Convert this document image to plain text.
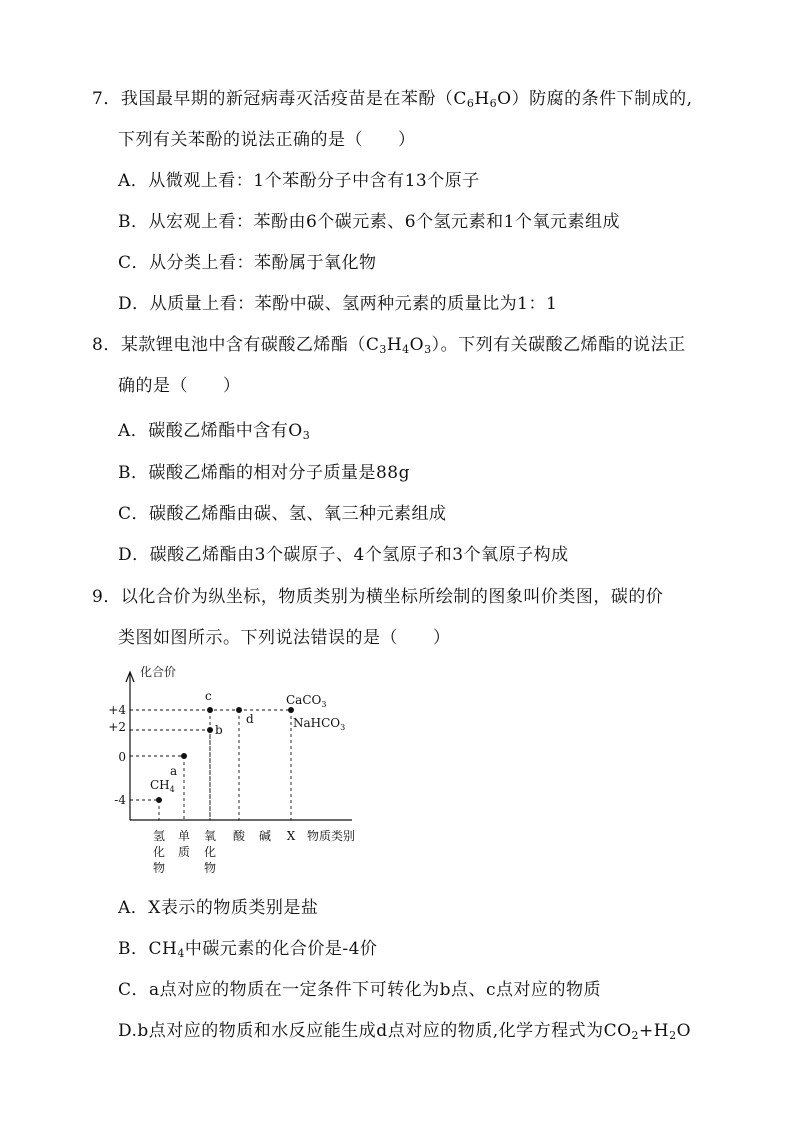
7．我国最早期的新冠病毒灭活疫苗是在苯酚$(C_6H_6O)$防腐的条件下制成的,
下列有关苯酚的说法正确的是（　　）
A．从微观上看：1个苯酚分子中含有13个原子
B．从宏观上看：苯酚由6个碳元素、6个氢元素和1个氧元素组成
C．从分类上看：苯酚属于氧化物
D．从质量上看：苯酚中碳、氢两种元素的质量比为1：1
8．某款锂电池中含有碳酸乙烯酯$(C_3H_4O_3)$。下列有关碳酸乙烯酯的说法正
确的是（　　）
A．碳酸乙烯酯中含有$O_3$
B．碳酸乙烯酯的相对分子质量是88g
C．碳酸乙烯酯由碳、氢、氧三种元素组成
D．碳酸乙烯酯由3个碳原子、4个氢原子和3个氧原子构成
9．以化合价为纵坐标，物质类别为横坐标所绘制的图象叫价类图，碳的价
类图如图所示。下列说法错误的是（　　）
化合价
物质类别
+4
+2
0
-4
氢
化
物
单
质
氧
化
物
酸 碱 X
a
b
c
d
$CH_4$
CaCO$_3$
NaHCO$_3$
A．X表示的物质类别是盐
B．$CH_4$中碳元素的化合价是-4价
C．a点对应的物质在一定条件下可转化为b点、c点对应的物质
D.b点对应的物质和水反应能生成d点对应的物质,化学方程式为$CO_2+H_2O$
